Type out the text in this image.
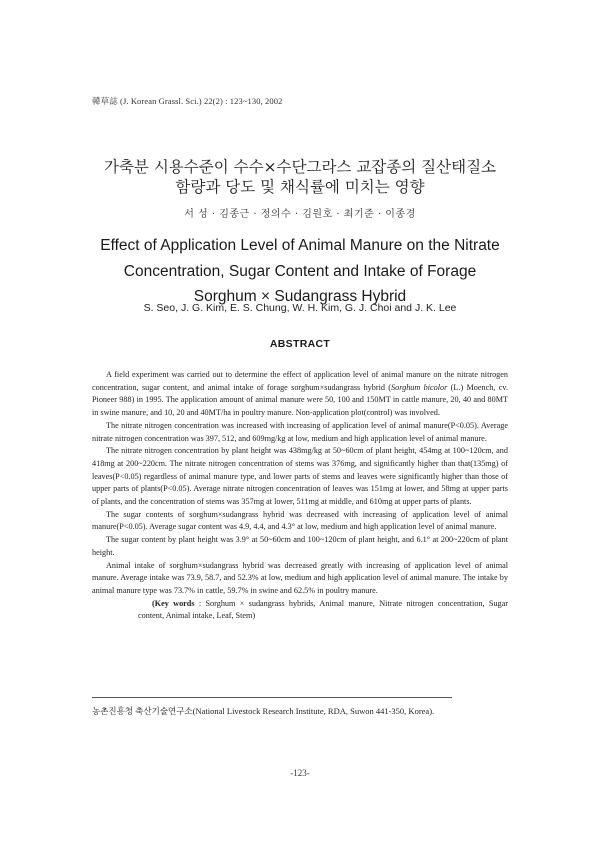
韓草誌 (J. Korean Grassl. Sci.) 22(2) : 123~130, 2002
가축분 시용수준이 수수×수단그라스 교잡종의 질산태질소
함량과 당도 및 채식률에 미치는 영향
서 성 · 김종근 · 정의수 · 김원호 · 최기준 · 이종경
Effect of Application Level of Animal Manure on the Nitrate
Concentration, Sugar Content and Intake of Forage
Sorghum × Sudangrass Hybrid
S. Seo, J. G. Kim, E. S. Chung, W. H. Kim, G. J. Choi and J. K. Lee
ABSTRACT

A field experiment was carried out to determine the effect of application level of animal manure on the nitrate nitrogen concentration, sugar content, and animal intake of forage sorghum×sudangrass hybrid (Sorghum bicolor (L.) Moench, cv. Pioneer 988) in 1995. The application amount of animal manure were 50, 100 and 150MT in cattle manure, 20, 40 and 80MT in swine manure, and 10, 20 and 40MT/ha in poultry manure. Non-application plot(control) was involved.

The nitrate nitrogen concentration was increased with increasing of application level of animal manure(P<0.05). Average nitrate nitrogen concentration was 397, 512, and 609mg/kg at low, medium and high application level of animal manure.

The nitrate nitrogen concentration by plant height was 438mg/kg at 50~60cm of plant height, 454mg at 100~120cm, and 418mg at 200~220cm. The nitrate nitrogen concentration of stems was 376mg, and significantly higher than that(135mg) of leaves(P<0.05) regardless of animal manure type, and lower parts of stems and leaves were significantly higher than those of upper parts of plants(P<0.05). Average nitrate nitrogen concentration of leaves was 151mg at lower, and 58mg at upper parts of plants, and the concentration of stems was 357mg at lower, 511mg at middle, and 610mg at upper parts of plants.

The sugar contents of sorghum×sudangrass hybrid was decreased with increasing of application level of animal manure(P<0.05). Average sugar content was 4.9, 4.4, and 4.3° at low, medium and high application level of animal manure.

The sugar content by plant height was 3.9° at 50~60cm and 100~120cm of plant height, and 6.1° at 200~220cm of plant height.

Animal intake of sorghum×sudangrass hybrid was decreased greatly with increasing of application level of animal manure. Average intake was 73.9, 58.7, and 52.3% at low, medium and high application level of animal manure. The intake by animal manure type was 73.7% in cattle, 59.7% in swine and 62.5% in poultry manure.

(Key words : Sorghum × sudangrass hybrids, Animal manure, Nitrate nitrogen concentration, Sugar content, Animal intake, Leaf, Stem)

농촌진흥청 축산기술연구소(National Livestock Research Institute, RDA, Suwon 441-350, Korea).
-123-
